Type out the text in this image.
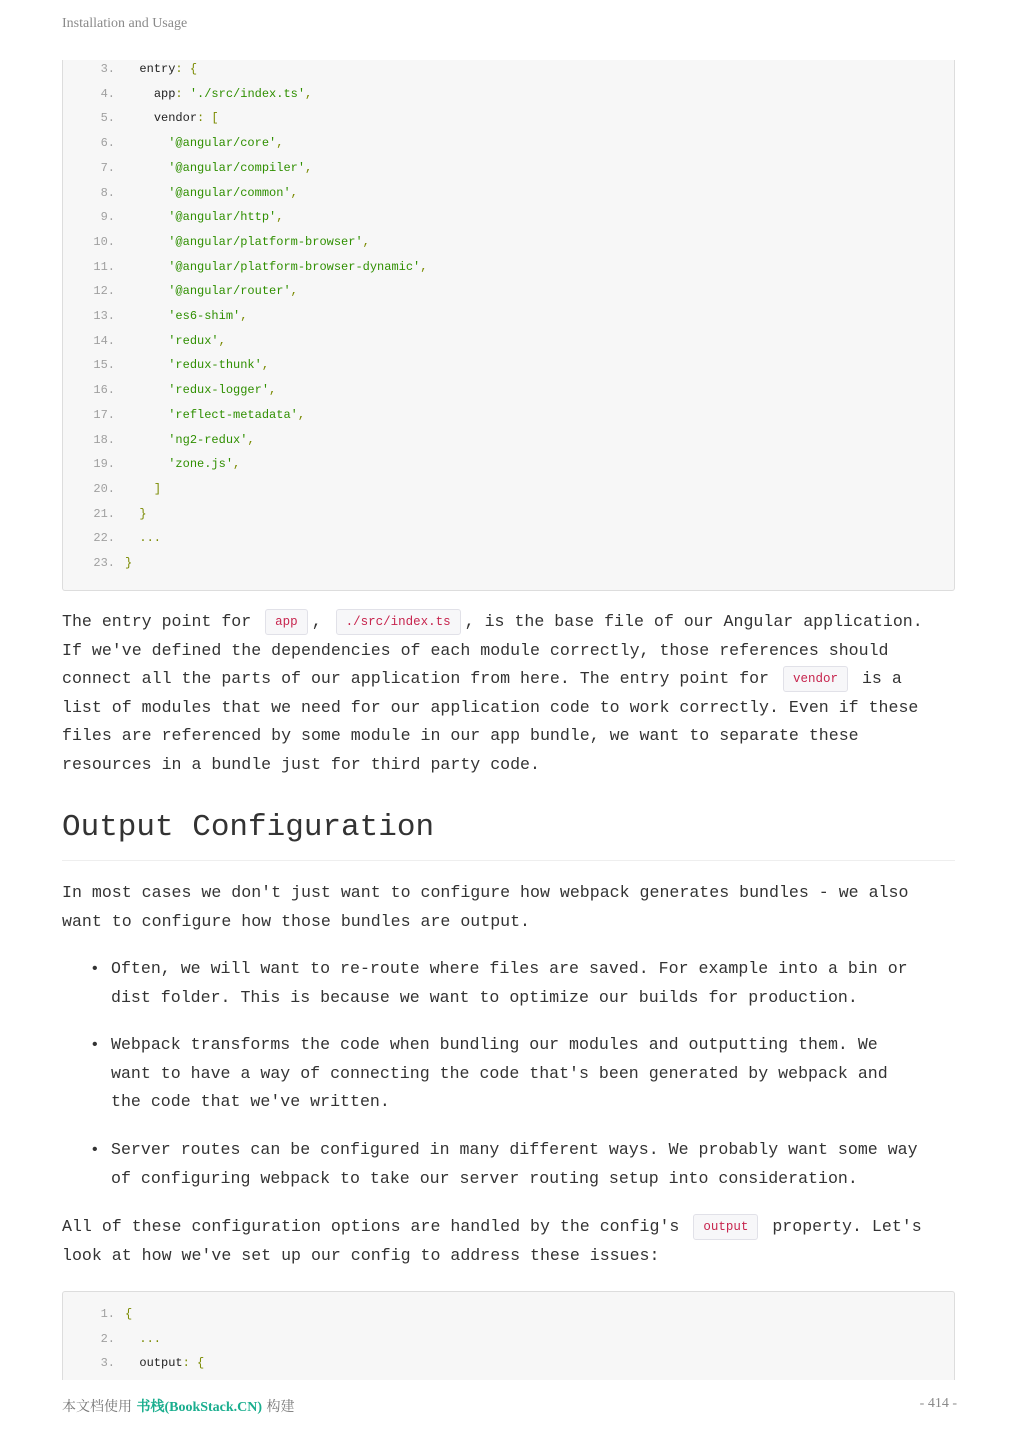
Installation and Usage
3.	entry: {
4.	app: './src/index.ts',
5.	vendor: [
6.	'@angular/core',
7.	'@angular/compiler',
8.	'@angular/common',
9.	'@angular/http',
10.	'@angular/platform-browser',
11.	'@angular/platform-browser-dynamic',
12.	'@angular/router',
13.	'es6-shim',
14.	'redux',
15.	'redux-thunk',
16.	'redux-logger',
17.	'reflect-metadata',
18.	'ng2-redux',
19.	'zone.js',
20.	]
21.	}
22.	...
23. }
The entry point for app , ./src/index.ts , is the base file of our Angular application.
If we've defined the dependencies of each module correctly, those references should
connect all the parts of our application from here. The entry point for vendor is a
list of modules that we need for our application code to work correctly. Even if these
files are referenced by some module in our app bundle, we want to separate these
resources in a bundle just for third party code.
Output Configuration
In most cases we don't just want to configure how webpack generates bundles - we also
want to configure how those bundles are output.
• Often, we will want to re-route where files are saved. For example into a bin or
dist folder. This is because we want to optimize our builds for production.
• Webpack transforms the code when bundling our modules and outputting them. We
want to have a way of connecting the code that's been generated by webpack and
the code that we've written.
• Server routes can be configured in many different ways. We probably want some way
of configuring webpack to take our server routing setup into consideration.
All of these configuration options are handled by the config's output property. Let's
look at how we've set up our config to address these issues:
1. {
2.	...
3.	output: {
本文档使用 书栈(BookStack.CN) 构建	- 414 -
